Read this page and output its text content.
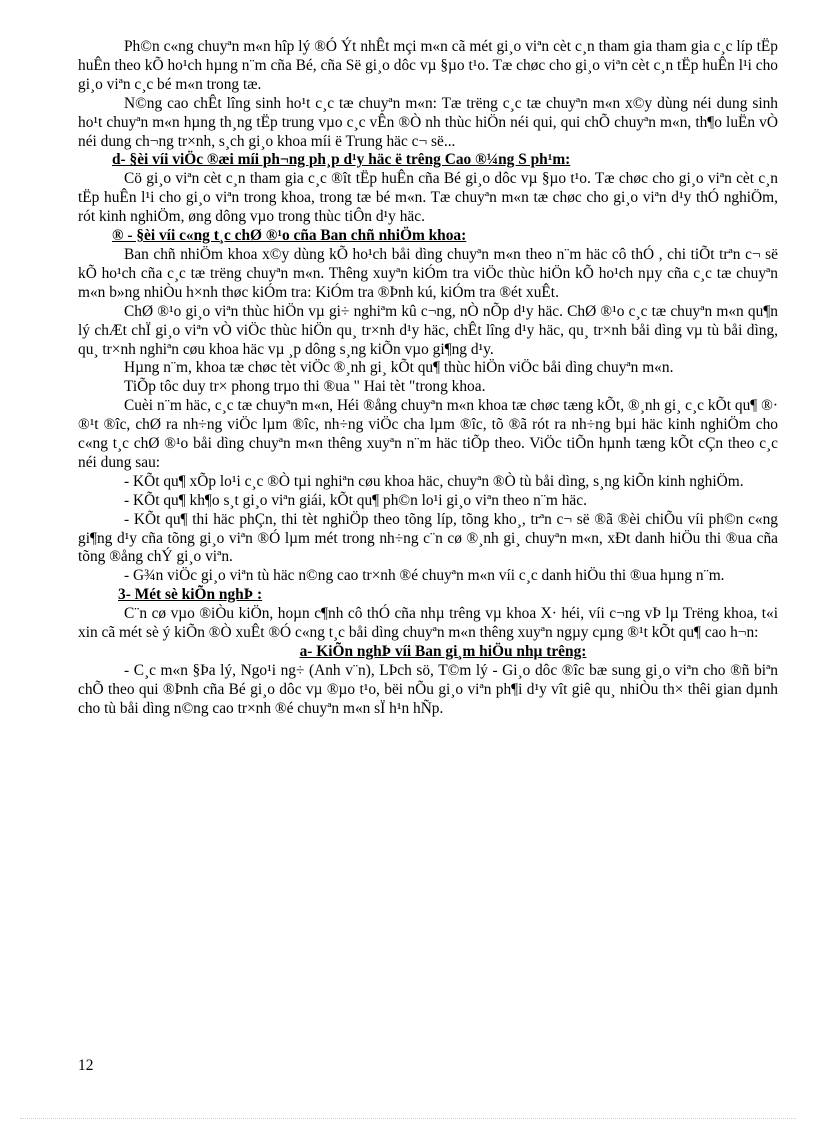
Ph©n c«ng chuyªn m«n hîp lý ®Ó Ýt nhÊt mçi m«n cã mét gi¸o viªn cèt c¸n tham gia tham gia c¸c líp tËp huÊn theo kÕ ho¹ch hµng n¨m cña Bé, cña Së gi¸o dôc vµ §µo t¹o. Tæ chøc cho gi¸o viªn cèt c¸n tËp huÊn l¹i cho gi¸o viªn c¸c bé m«n trong tæ.

N©ng cao chÊt lîng sinh ho¹t c¸c tæ chuyªn m«n: Tæ trëng c¸c tæ chuyªn m«n x©y dùng néi dung sinh ho¹t chuyªn m«n hµng th¸ng tËp trung vµo c¸c vÊn ®Ò nh thùc hiÖn néi qui, qui chÕ chuyªn m«n, th¶o luËn vÒ néi dung ch¬ng tr×nh, s¸ch gi¸o khoa míi ë Trung häc c¬ së...

d- §èi víi viÖc ®æi míi ph¬ng ph¸p d¹y häc ë trêng Cao ®¼ng S ph¹m:

Cö gi¸o viªn cèt c¸n tham gia c¸c ®ît tËp huÊn cña Bé gi¸o dôc vµ §µo t¹o. Tæ chøc cho gi¸o viªn cèt c¸n tËp huÊn l¹i cho gi¸o viªn trong khoa, trong tæ bé m«n. Tæ chuyªn m«n tæ chøc cho gi¸o viªn d¹y thÓ nghiÖm, rót kinh nghiÖm, øng dông vµo trong thùc tiÔn d¹y häc.

® - §èi víi c«ng t¸c chØ ®¹o cña Ban chñ nhiÖm khoa:

Ban chñ nhiÖm khoa x©y dùng kÕ ho¹ch båi dìng chuyªn m«n theo n¨m häc cô thÓ , chi tiÕt trªn c¬ së kÕ ho¹ch cña c¸c tæ trëng chuyªn m«n. Thêng xuyªn kiÓm tra viÖc thùc hiÖn kÕ ho¹ch nµy cña c¸c tæ chuyªn m«n b»ng nhiÒu h×nh thøc kiÓm tra: KiÓm tra ®Þnh kú, kiÓm tra ®ét xuÊt.

ChØ ®¹o gi¸o viªn thùc hiÖn vµ gi÷ nghiªm kû c¬ng, nÒ nÕp d¹y häc. ChØ ®¹o c¸c tæ chuyªn m«n qu¶n lý chÆt chÏ gi¸o viªn vÒ viÖc thùc hiÖn qu¸ tr×nh d¹y häc, chÊt lîng d¹y häc, qu¸ tr×nh båi dìng vµ tù båi dìng, qu¸ tr×nh nghiªn cøu khoa häc vµ ¸p dông s¸ng kiÕn vµo gi¶ng d¹y.

Hµng n¨m, khoa tæ chøc tèt viÖc ®¸nh gi¸ kÕt qu¶ thùc hiÖn viÖc båi dìng chuyªn m«n.

TiÕp tôc duy tr× phong trµo thi ®ua " Hai tèt "trong khoa.

Cuèi n¨m häc, c¸c tæ chuyªn m«n, Héi ®ång chuyªn m«n khoa tæ chøc tæng kÕt, ®¸nh gi¸ c¸c kÕt qu¶ ®· ®¹t ®îc, chØ ra nh÷ng viÖc lµm ®îc, nh÷ng viÖc cha lµm ®îc, tõ ®ã rót ra nh÷ng bµi häc kinh nghiÖm cho c«ng t¸c chØ ®¹o båi dìng chuyªn m«n thêng xuyªn n¨m häc tiÕp theo. ViÖc tiÕn hµnh tæng kÕt cÇn theo c¸c néi dung sau:

- KÕt qu¶ xÕp lo¹i c¸c ®Ò tµi nghiªn cøu khoa häc, chuyªn ®Ò tù båi dìng, s¸ng kiÕn kinh nghiÖm.

- KÕt qu¶ kh¶o s¸t gi¸o viªn giái, kÕt qu¶ ph©n lo¹i gi¸o viªn theo n¨m häc.

- KÕt qu¶ thi häc phÇn, thi tèt nghiÖp theo tõng líp, tõng kho¸, trªn c¬ së ®ã ®èi chiÕu víi ph©n c«ng gi¶ng d¹y cña tõng gi¸o viªn ®Ó lµm mét trong nh÷ng c¨n cø ®¸nh gi¸ chuyªn m«n, xÐt danh hiÖu thi ®ua cña tõng ®ång chÝ gi¸o viªn.

- G¾n viÖc gi¸o viªn tù häc n©ng cao tr×nh ®é chuyªn m«n víi c¸c danh hiÖu thi ®ua hµng n¨m.

3- Mét sè kiÕn nghÞ :

C¨n cø vµo ®iÒu kiÖn, hoµn c¶nh cô thÓ cña nhµ trêng vµ khoa X· héi, víi c¬ng vÞ lµ Trëng khoa, t«i xin cã mét sè ý kiÕn ®Ò xuÊt ®Ó c«ng t¸c båi dìng chuyªn m«n thêng xuyªn ngµy cµng ®¹t kÕt qu¶ cao h¬n:

a- KiÕn nghÞ víi Ban gi¸m hiÖu nhµ trêng:

- C¸c m«n §Þa lý, Ngo¹i ng÷ (Anh v¨n), LÞch sö, T©m lý - Gi¸o dôc ®îc bæ sung gi¸o viªn cho ®ñ biªn chÕ theo qui ®Þnh cña Bé gi¸o dôc vµ ®µo t¹o, bëi nÕu gi¸o viªn ph¶i d¹y vît giê qu¸ nhiÒu th× thêi gian dµnh cho tù båi dìng n©ng cao tr×nh ®é chuyªn m«n sÏ h¹n hÑp.

12
